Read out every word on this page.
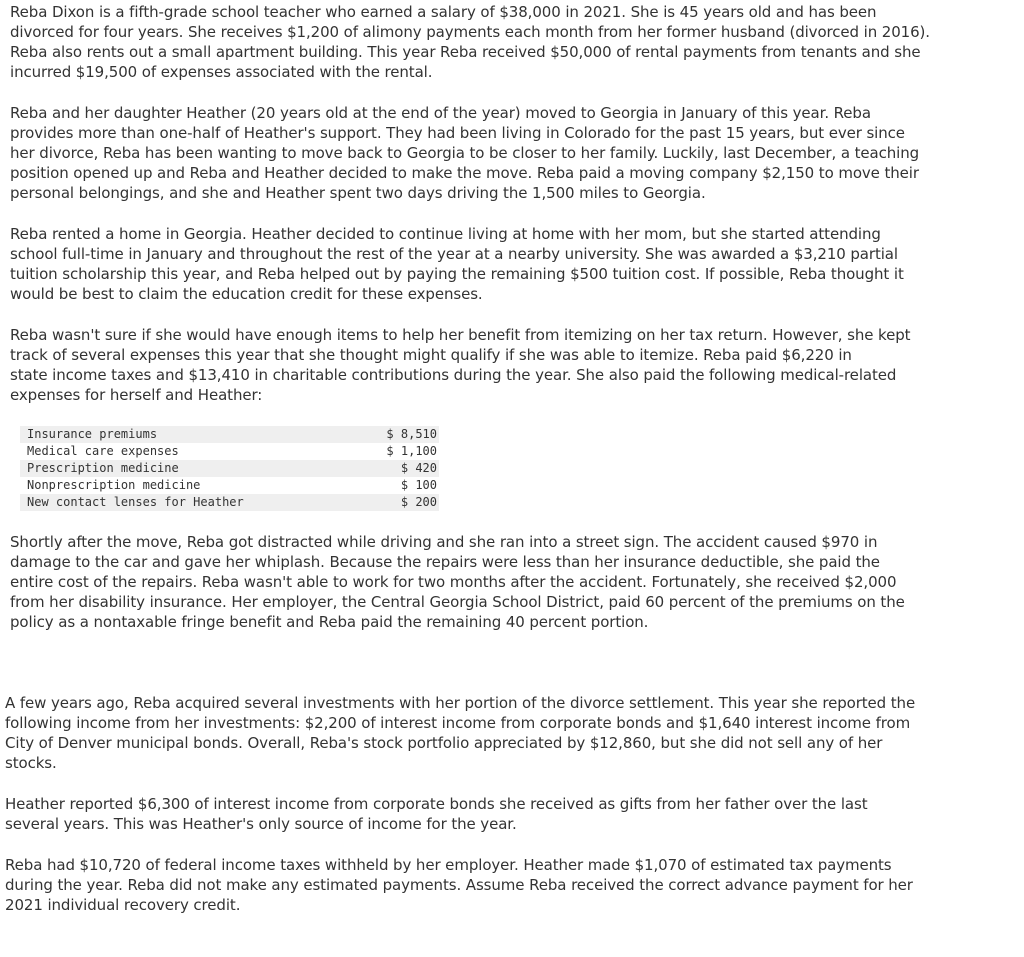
Reba Dixon is a fifth-grade school teacher who earned a salary of $38,000 in 2021. She is 45 years old and has been
divorced for four years. She receives $1,200 of alimony payments each month from her former husband (divorced in 2016).
Reba also rents out a small apartment building. This year Reba received $50,000 of rental payments from tenants and she
incurred $19,500 of expenses associated with the rental.

Reba and her daughter Heather (20 years old at the end of the year) moved to Georgia in January of this year. Reba
provides more than one-half of Heather's support. They had been living in Colorado for the past 15 years, but ever since
her divorce, Reba has been wanting to move back to Georgia to be closer to her family. Luckily, last December, a teaching
position opened up and Reba and Heather decided to make the move. Reba paid a moving company $2,150 to move their
personal belongings, and she and Heather spent two days driving the 1,500 miles to Georgia.

Reba rented a home in Georgia. Heather decided to continue living at home with her mom, but she started attending
school full-time in January and throughout the rest of the year at a nearby university. She was awarded a $3,210 partial
tuition scholarship this year, and Reba helped out by paying the remaining $500 tuition cost. If possible, Reba thought it
would be best to claim the education credit for these expenses.

Reba wasn't sure if she would have enough items to help her benefit from itemizing on her tax return. However, she kept
track of several expenses this year that she thought might qualify if she was able to itemize. Reba paid $6,220 in
state income taxes and $13,410 in charitable contributions during the year. She also paid the following medical-related
expenses for herself and Heather:

Insurance premiums	$ 8,510
Medical care expenses	$ 1,100
Prescription medicine	$ 420
Nonprescription medicine	$ 100
New contact lenses for Heather	$ 200

Shortly after the move, Reba got distracted while driving and she ran into a street sign. The accident caused $970 in
damage to the car and gave her whiplash. Because the repairs were less than her insurance deductible, she paid the
entire cost of the repairs. Reba wasn't able to work for two months after the accident. Fortunately, she received $2,000
from her disability insurance. Her employer, the Central Georgia School District, paid 60 percent of the premiums on the
policy as a nontaxable fringe benefit and Reba paid the remaining 40 percent portion.

A few years ago, Reba acquired several investments with her portion of the divorce settlement. This year she reported the
following income from her investments: $2,200 of interest income from corporate bonds and $1,640 interest income from
City of Denver municipal bonds. Overall, Reba's stock portfolio appreciated by $12,860, but she did not sell any of her
stocks.

Heather reported $6,300 of interest income from corporate bonds she received as gifts from her father over the last
several years. This was Heather's only source of income for the year.

Reba had $10,720 of federal income taxes withheld by her employer. Heather made $1,070 of estimated tax payments
during the year. Reba did not make any estimated payments. Assume Reba received the correct advance payment for her
2021 individual recovery credit.
